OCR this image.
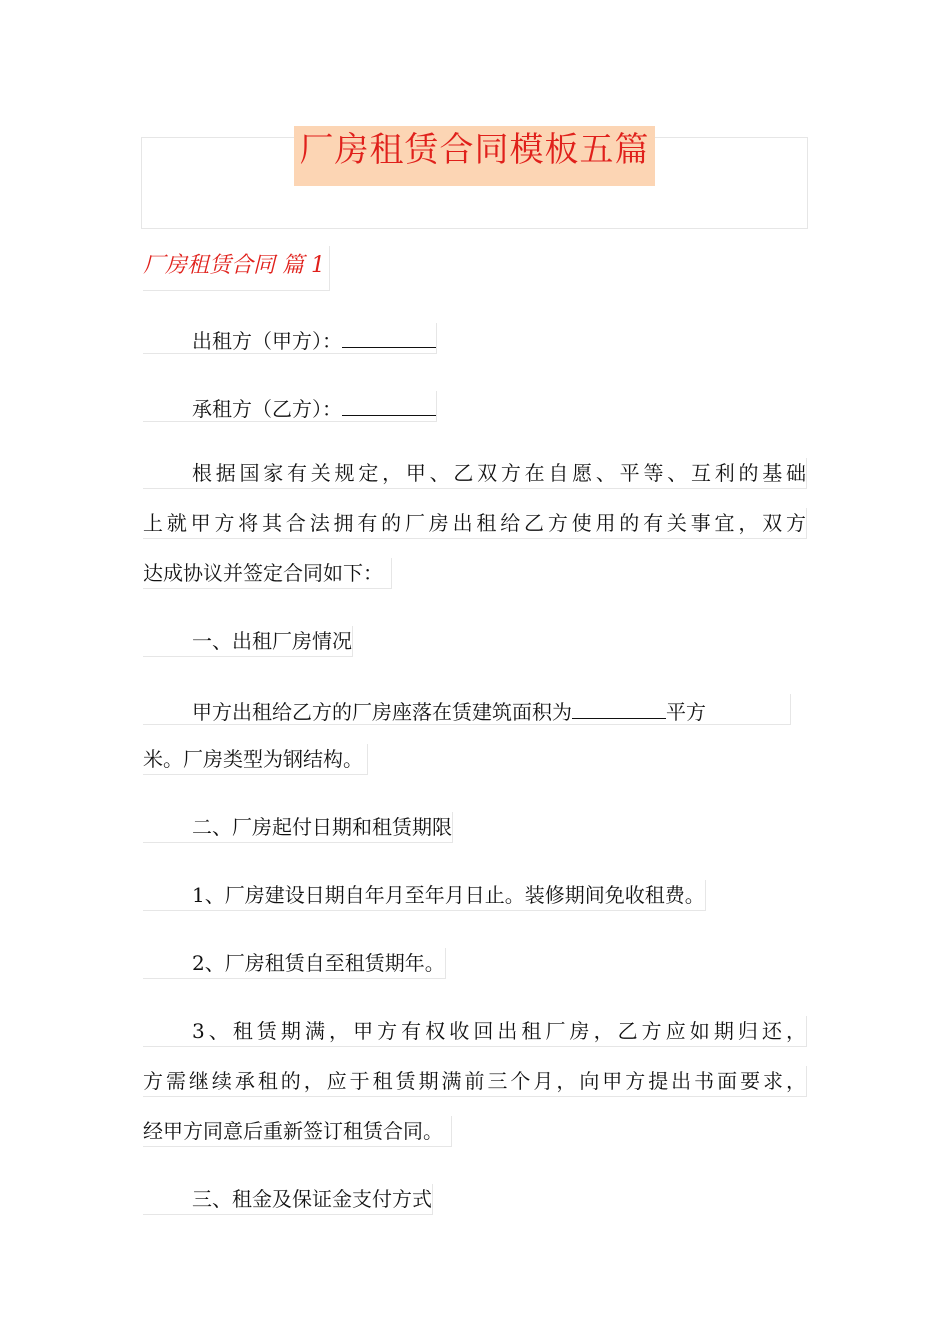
厂房租赁合同模板五篇
厂房租赁合同 篇 1
出租方（甲方）：
承租方（乙方）：
根据国家有关规定，甲、乙双方在自愿、平等、互利的基础
上就甲方将其合法拥有的厂房出租给乙方使用的有关事宜，双方
达成协议并签定合同如下：
一、出租厂房情况
甲方出租给乙方的厂房座落在赁建筑面积为	平方
米。厂房类型为钢结构。
二、厂房起付日期和租赁期限
1、厂房建设日期自年月至年月日止。装修期间免收租费。
2、厂房租赁自至租赁期年。
3、租赁期满，甲方有权收回出租厂房，乙方应如期归还，
方需继续承租的，应于租赁期满前三个月，向甲方提出书面要求，
经甲方同意后重新签订租赁合同。
三、租金及保证金支付方式
